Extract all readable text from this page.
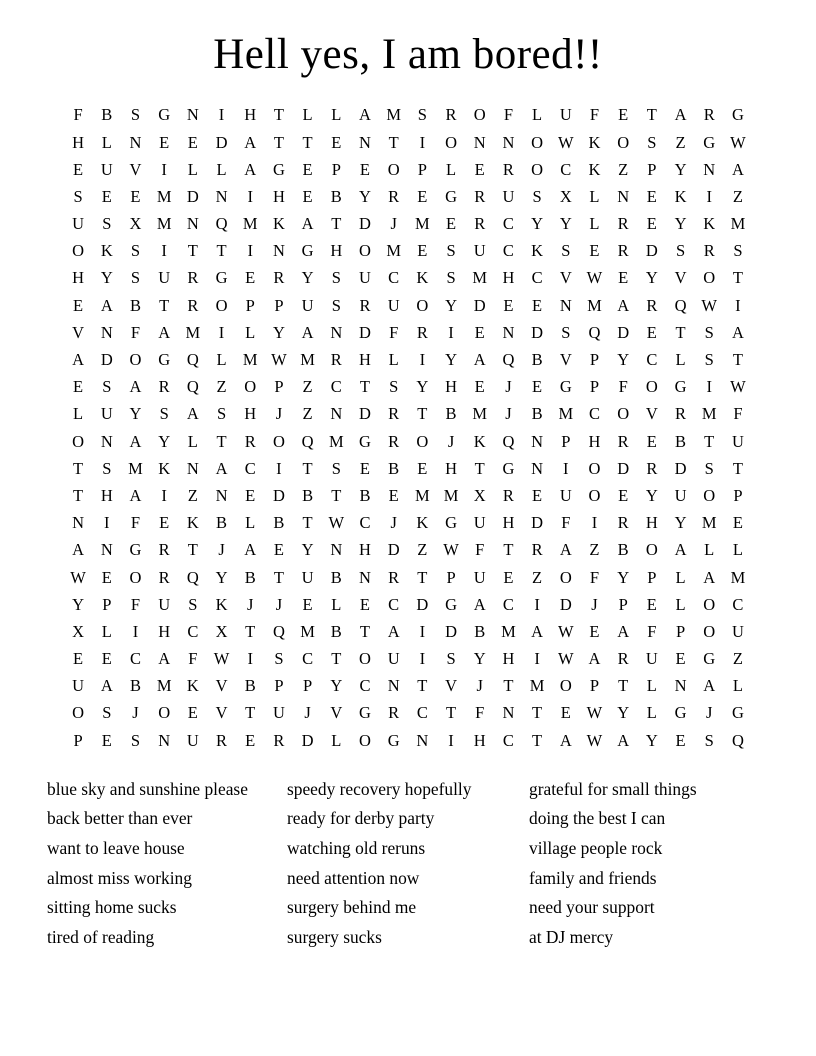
Hell yes, I am bored!!
F	B	S	G	N	I	H	T	L	L	A	M	S	R	O	F	L	U	F	E	T	A	R	G
H	L	N	E	E	D	A	T	T	E	N	T	I	O	N	N	O	W	K	O	S	Z	G	W
E	U	V	I	L	L	A	G	E	P	E	O	P	L	E	R	O	C	K	Z	P	Y	N	A
S	E	E	M	D	N	I	H	E	B	Y	R	E	G	R	U	S	X	L	N	E	K	I	Z
U	S	X	M	N	Q	M	K	A	T	D	J	M	E	R	C	Y	Y	L	R	E	Y	K	M
O	K	S	I	T	T	I	N	G	H	O	M	E	S	U	C	K	S	E	R	D	S	R	S
H	Y	S	U	R	G	E	R	Y	S	U	C	K	S	M	H	C	V	W	E	Y	V	O	T
E	A	B	T	R	O	P	P	U	S	R	U	O	Y	D	E	E	N	M	A	R	Q	W	I
V	N	F	A	M	I	L	Y	A	N	D	F	R	I	E	N	D	S	Q	D	E	T	S	A
A	D	O	G	Q	L	M	W	M	R	H	L	I	Y	A	Q	B	V	P	Y	C	L	S	T
E	S	A	R	Q	Z	O	P	Z	C	T	S	Y	H	E	J	E	G	P	F	O	G	I	W
L	U	Y	S	A	S	H	J	Z	N	D	R	T	B	M	J	B	M	C	O	V	R	M	F
O	N	A	Y	L	T	R	O	Q	M	G	R	O	J	K	Q	N	P	H	R	E	B	T	U
T	S	M	K	N	A	C	I	T	S	E	B	E	H	T	G	N	I	O	D	R	D	S	T
T	H	A	I	Z	N	E	D	B	T	B	E	M	M	X	R	E	U	O	E	Y	U	O	P
N	I	F	E	K	B	L	B	T	W	C	J	K	G	U	H	D	F	I	R	H	Y	M	E
A	N	G	R	T	J	A	E	Y	N	H	D	Z	W	F	T	R	A	Z	B	O	A	L	L
W	E	O	R	Q	Y	B	T	U	B	N	R	T	P	U	E	Z	O	F	Y	P	L	A	M
Y	P	F	U	S	K	J	J	E	L	E	C	D	G	A	C	I	D	J	P	E	L	O	C
X	L	I	H	C	X	T	Q	M	B	T	A	I	D	B	M	A	W	E	A	F	P	O	U
E	E	C	A	F	W	I	S	C	T	O	U	I	S	Y	H	I	W	A	R	U	E	G	Z
U	A	B	M	K	V	B	P	P	Y	C	N	T	V	J	T	M	O	P	T	L	N	A	L
O	S	J	O	E	V	T	U	J	V	G	R	C	T	F	N	T	E	W	Y	L	G	J	G
P	E	S	N	U	R	E	R	D	L	O	G	N	I	H	C	T	A	W	A	Y	E	S	Q
blue sky and sunshine please
back better than ever
want to leave house
almost miss working
sitting home sucks
tired of reading
speedy recovery hopefully
ready for derby party
watching old reruns
need attention now
surgery behind me
surgery sucks
grateful for small things
doing the best I can
village people rock
family and friends
need your support
at DJ mercy
